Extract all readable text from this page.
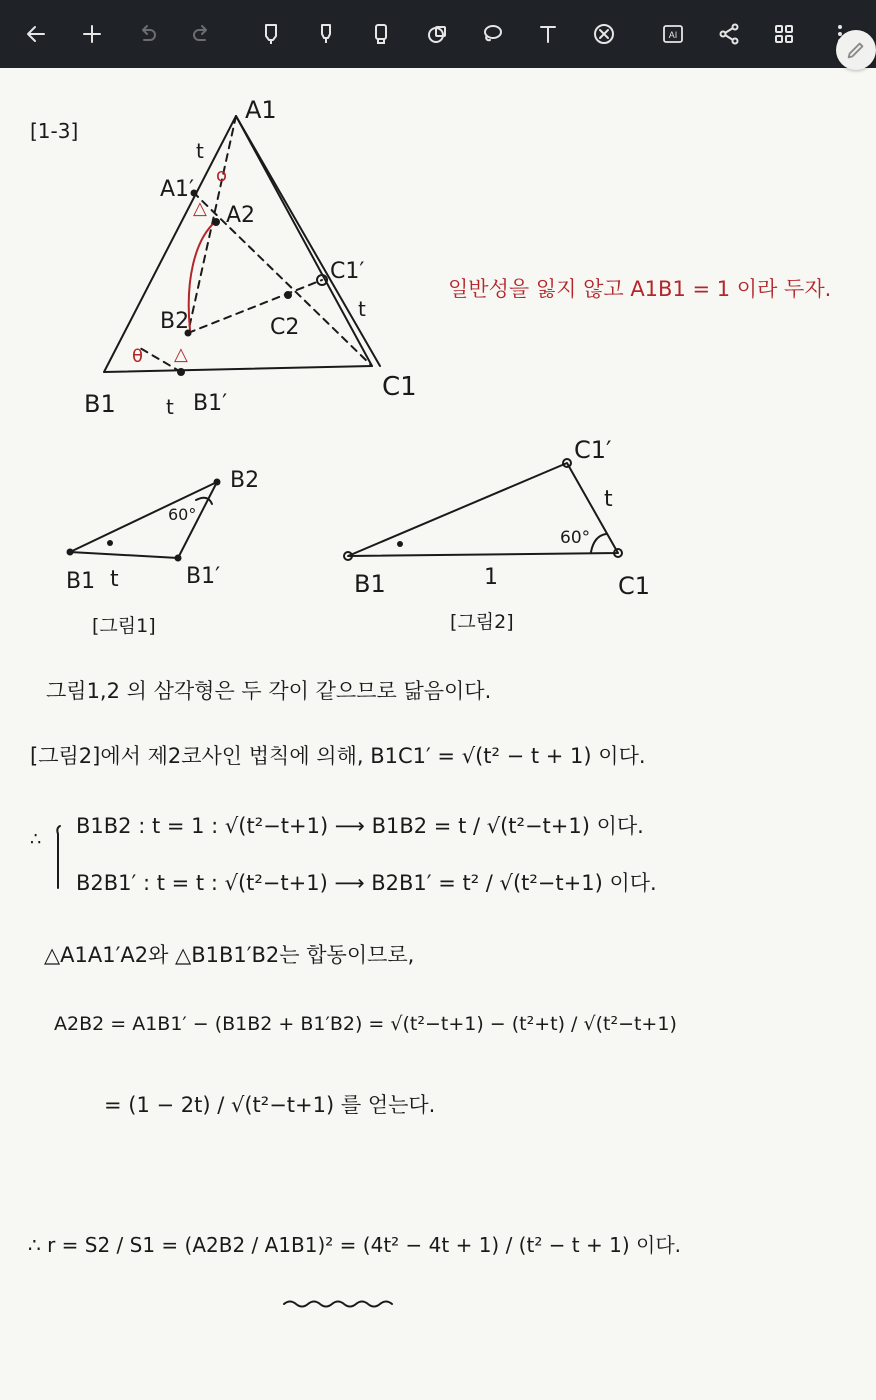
AI
[1-3]
A1
A1′
A2
C1′
C2
B2
B1	B1′
C1
t
t
t
o
△
△
θ
일반성을 잃지 않고 A1B1 = 1 이라 두자.
B2
60°
B1 t	B1′
[그림1]
C1′
t
60°
B1	1	C1
[그림2]
그림1,2 의 삼각형은 두 각이 같으므로 닮음이다.
[그림2]에서 제2코사인 법칙에 의해, B1C1′ = √(t² − t + 1) 이다.
∴
B1B2 : t = 1 : √(t²−t+1) ⟶ B1B2 = t / √(t²−t+1) 이다.
B2B1′ : t = t : √(t²−t+1) ⟶ B2B1′ = t² / √(t²−t+1) 이다.
△A1A1′A2와 △B1B1′B2는 합동이므로,
A2B2 = A1B1′ − (B1B2 + B1′B2) = √(t²−t+1) − (t²+t) / √(t²−t+1)
= (1 − 2t) / √(t²−t+1) 를 얻는다.
∴ r = S2 / S1 = (A2B2 / A1B1)² = (4t² − 4t + 1) / (t² − t + 1) 이다.
